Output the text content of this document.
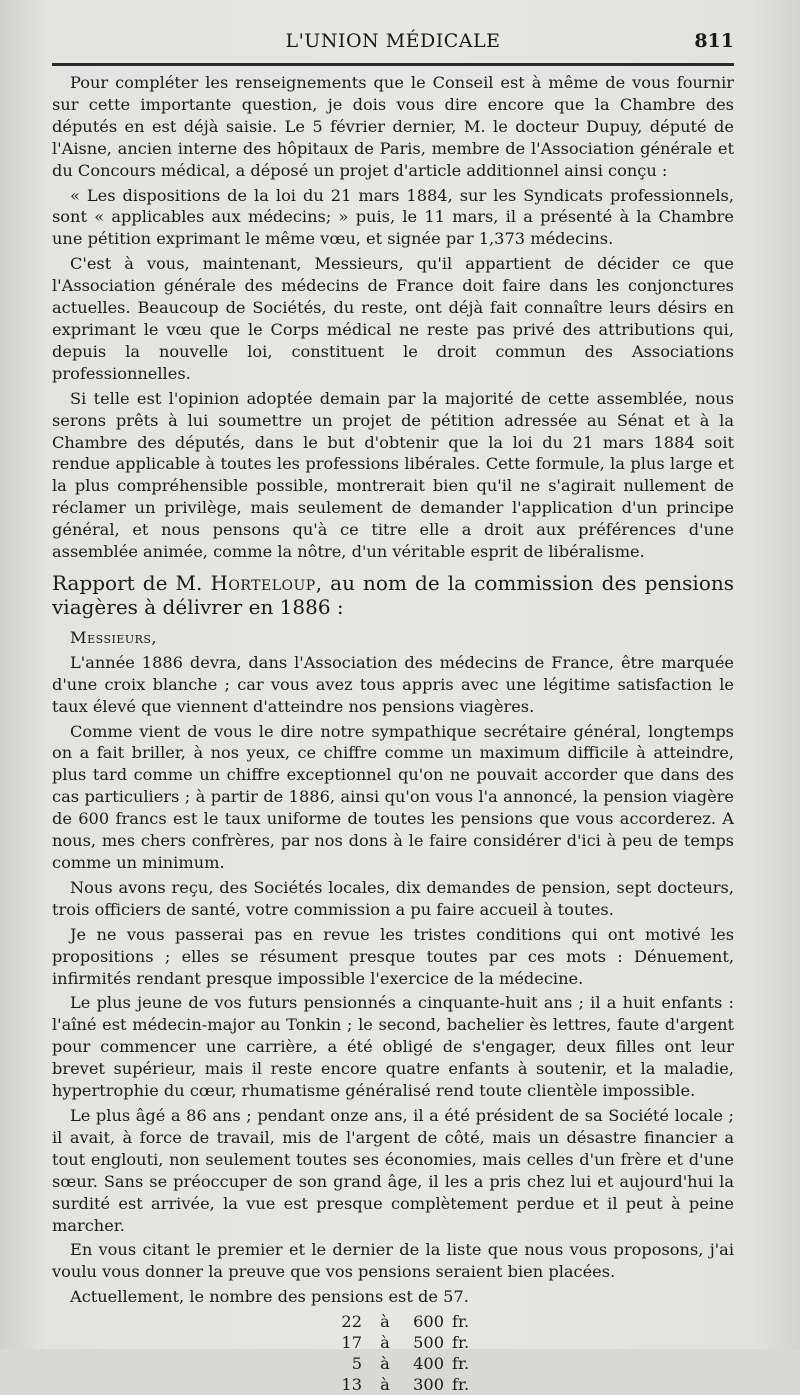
L'UNION MÉDICALE	811

Pour compléter les renseignements que le Conseil est à même de vous fournir sur cette importante question, je dois vous dire encore que la Chambre des députés en est déjà saisie. Le 5 février dernier, M. le docteur Dupuy, député de l'Aisne, ancien interne des hôpitaux de Paris, membre de l'Association générale et du Concours médical, a déposé un projet d'article additionnel ainsi conçu :

« Les dispositions de la loi du 21 mars 1884, sur les Syndicats professionnels, sont « applicables aux médecins; » puis, le 11 mars, il a présenté à la Chambre une pétition exprimant le même vœu, et signée par 1,373 médecins.

C'est à vous, maintenant, Messieurs, qu'il appartient de décider ce que l'Association générale des médecins de France doit faire dans les conjonctures actuelles. Beaucoup de Sociétés, du reste, ont déjà fait connaître leurs désirs en exprimant le vœu que le Corps médical ne reste pas privé des attributions qui, depuis la nouvelle loi, constituent le droit commun des Associations professionnelles.

Si telle est l'opinion adoptée demain par la majorité de cette assemblée, nous serons prêts à lui soumettre un projet de pétition adressée au Sénat et à la Chambre des députés, dans le but d'obtenir que la loi du 21 mars 1884 soit rendue applicable à toutes les professions libérales. Cette formule, la plus large et la plus compréhensible possible, montrerait bien qu'il ne s'agirait nullement de réclamer un privilège, mais seulement de demander l'application d'un principe général, et nous pensons qu'à ce titre elle a droit aux préférences d'une assemblée animée, comme la nôtre, d'un véritable esprit de libéralisme.

Rapport de M. Horteloup, au nom de la commission des pensions viagères à délivrer en 1886 :

Messieurs,

L'année 1886 devra, dans l'Association des médecins de France, être marquée d'une croix blanche ; car vous avez tous appris avec une légitime satisfaction le taux élevé que viennent d'atteindre nos pensions viagères.

Comme vient de vous le dire notre sympathique secrétaire général, longtemps on a fait briller, à nos yeux, ce chiffre comme un maximum difficile à atteindre, plus tard comme un chiffre exceptionnel qu'on ne pouvait accorder que dans des cas particuliers ; à partir de 1886, ainsi qu'on vous l'a annoncé, la pension viagère de 600 francs est le taux uniforme de toutes les pensions que vous accorderez. A nous, mes chers confrères, par nos dons à le faire considérer d'ici à peu de temps comme un minimum.

Nous avons reçu, des Sociétés locales, dix demandes de pension, sept docteurs, trois officiers de santé, votre commission a pu faire accueil à toutes.

Je ne vous passerai pas en revue les tristes conditions qui ont motivé les propositions ; elles se résument presque toutes par ces mots : Dénuement, infirmités rendant presque impossible l'exercice de la médecine.

Le plus jeune de vos futurs pensionnés a cinquante-huit ans ; il a huit enfants : l'aîné est médecin-major au Tonkin ; le second, bachelier ès lettres, faute d'argent pour commencer une carrière, a été obligé de s'engager, deux filles ont leur brevet supérieur, mais il reste encore quatre enfants à soutenir, et la maladie, hypertrophie du cœur, rhumatisme généralisé rend toute clientèle impossible.

Le plus âgé a 86 ans ; pendant onze ans, il a été président de sa Société locale ; il avait, à force de travail, mis de l'argent de côté, mais un désastre financier a tout englouti, non seulement toutes ses économies, mais celles d'un frère et d'une sœur. Sans se préoccuper de son grand âge, il les a pris chez lui et aujourd'hui la surdité est arrivée, la vue est presque complètement perdue et il peut à peine marcher.

En vous citant le premier et le dernier de la liste que nous vous proposons, j'ai voulu vous donner la preuve que vos pensions seraient bien placées.

Actuellement, le nombre des pensions est de 57.

22	à	600	fr.
17	à	500	fr.
5	à	400	fr.
13	à	300	fr.
